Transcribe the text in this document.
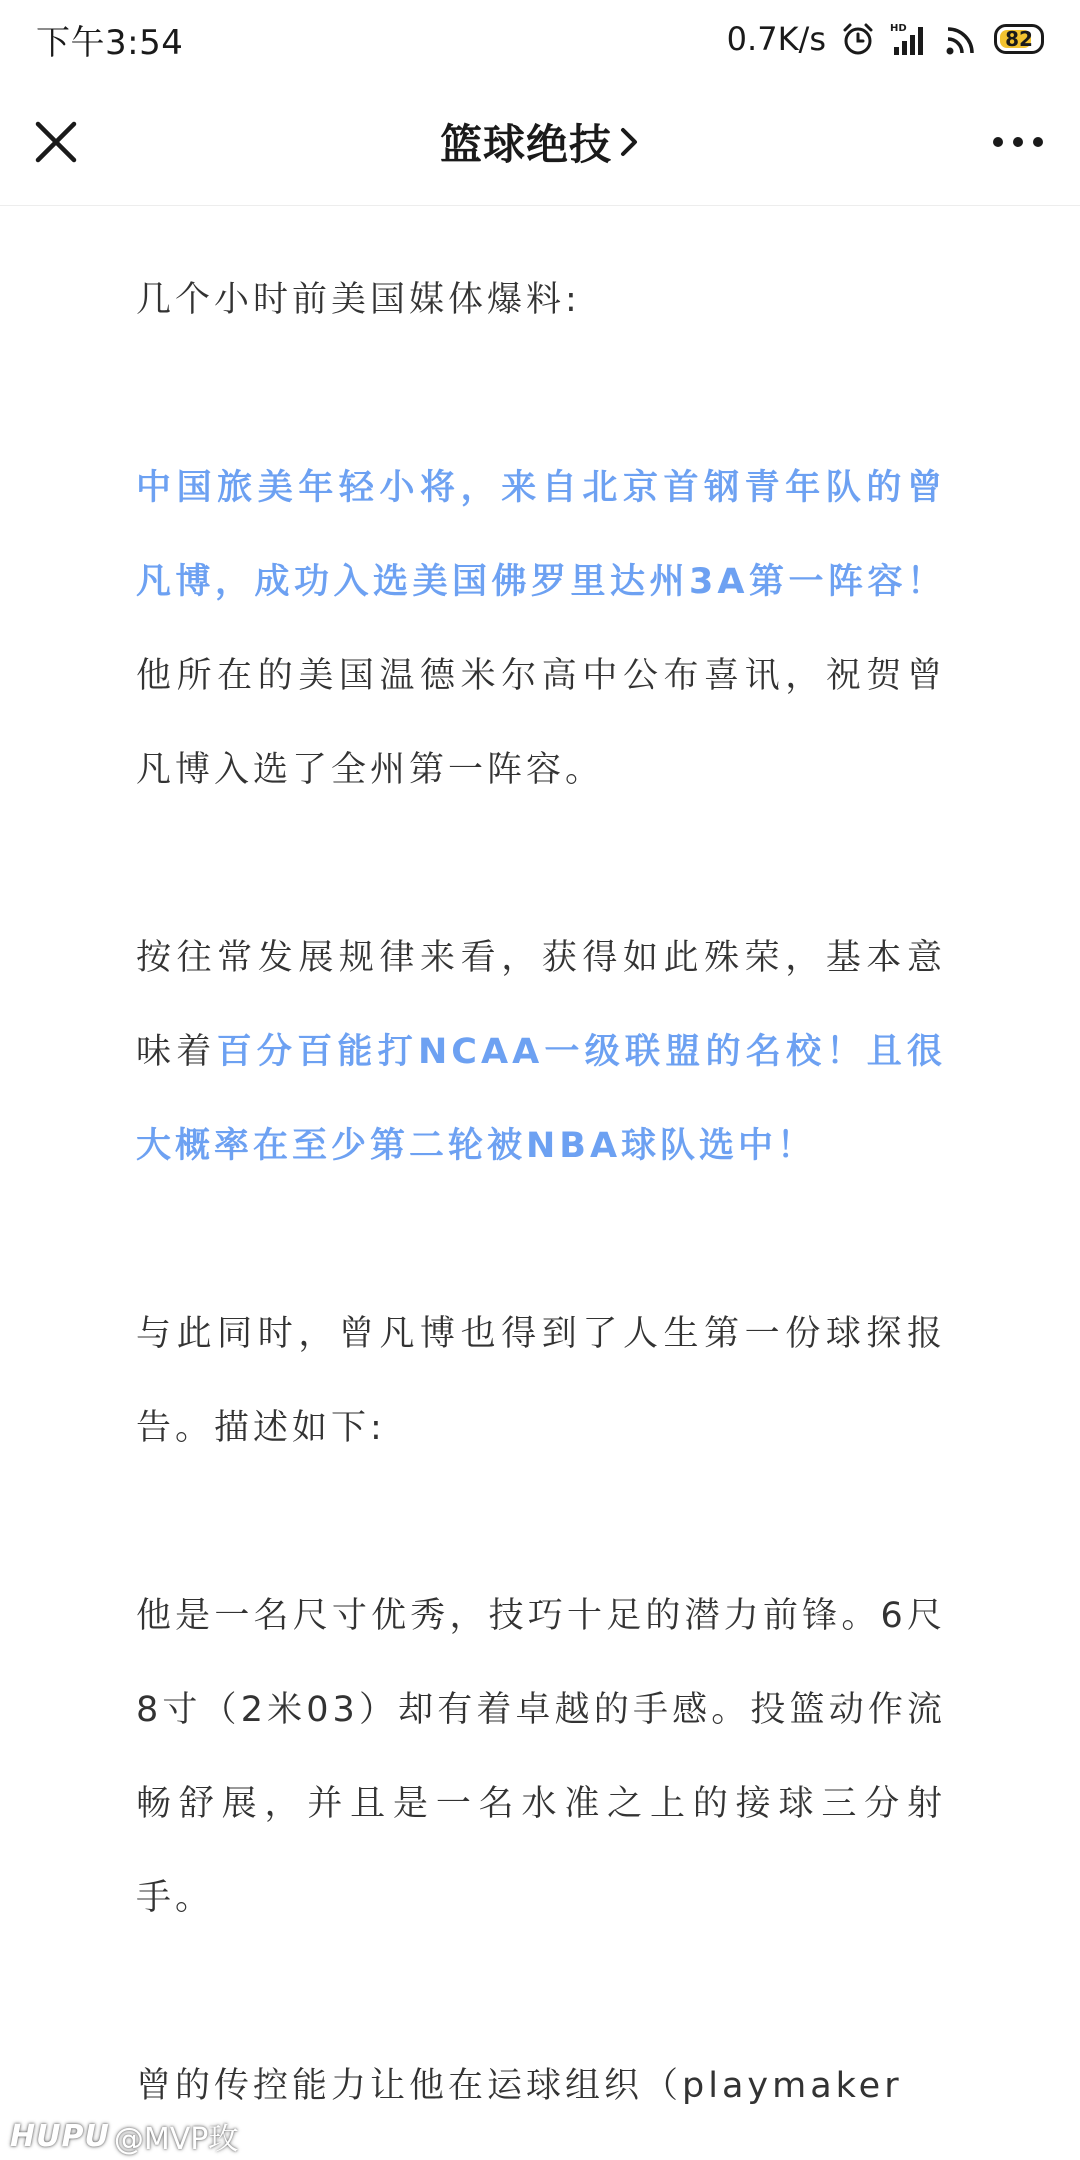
下午3:54	0.7K/s	HD	82
篮球绝技

几个小时前美国媒体爆料:

中国旅美年轻小将，来自北京首钢青年队的曾凡博，成功入选美国佛罗里达州3A第一阵容！他所在的美国温德米尔高中公布喜讯，祝贺曾凡博入选了全州第一阵容。

按往常发展规律来看，获得如此殊荣，基本意味着百分百能打NCAA一级联盟的名校！且很大概率在至少第二轮被NBA球队选中！

与此同时，曾凡博也得到了人生第一份球探报告。描述如下:

他是一名尺寸优秀，技巧十足的潜力前锋。6尺8寸（2米03）却有着卓越的手感。投篮动作流畅舒展，并且是一名水准之上的接球三分射手。

曾的传控能力让他在运球组织（playmaker

HUPU @MVP玫
